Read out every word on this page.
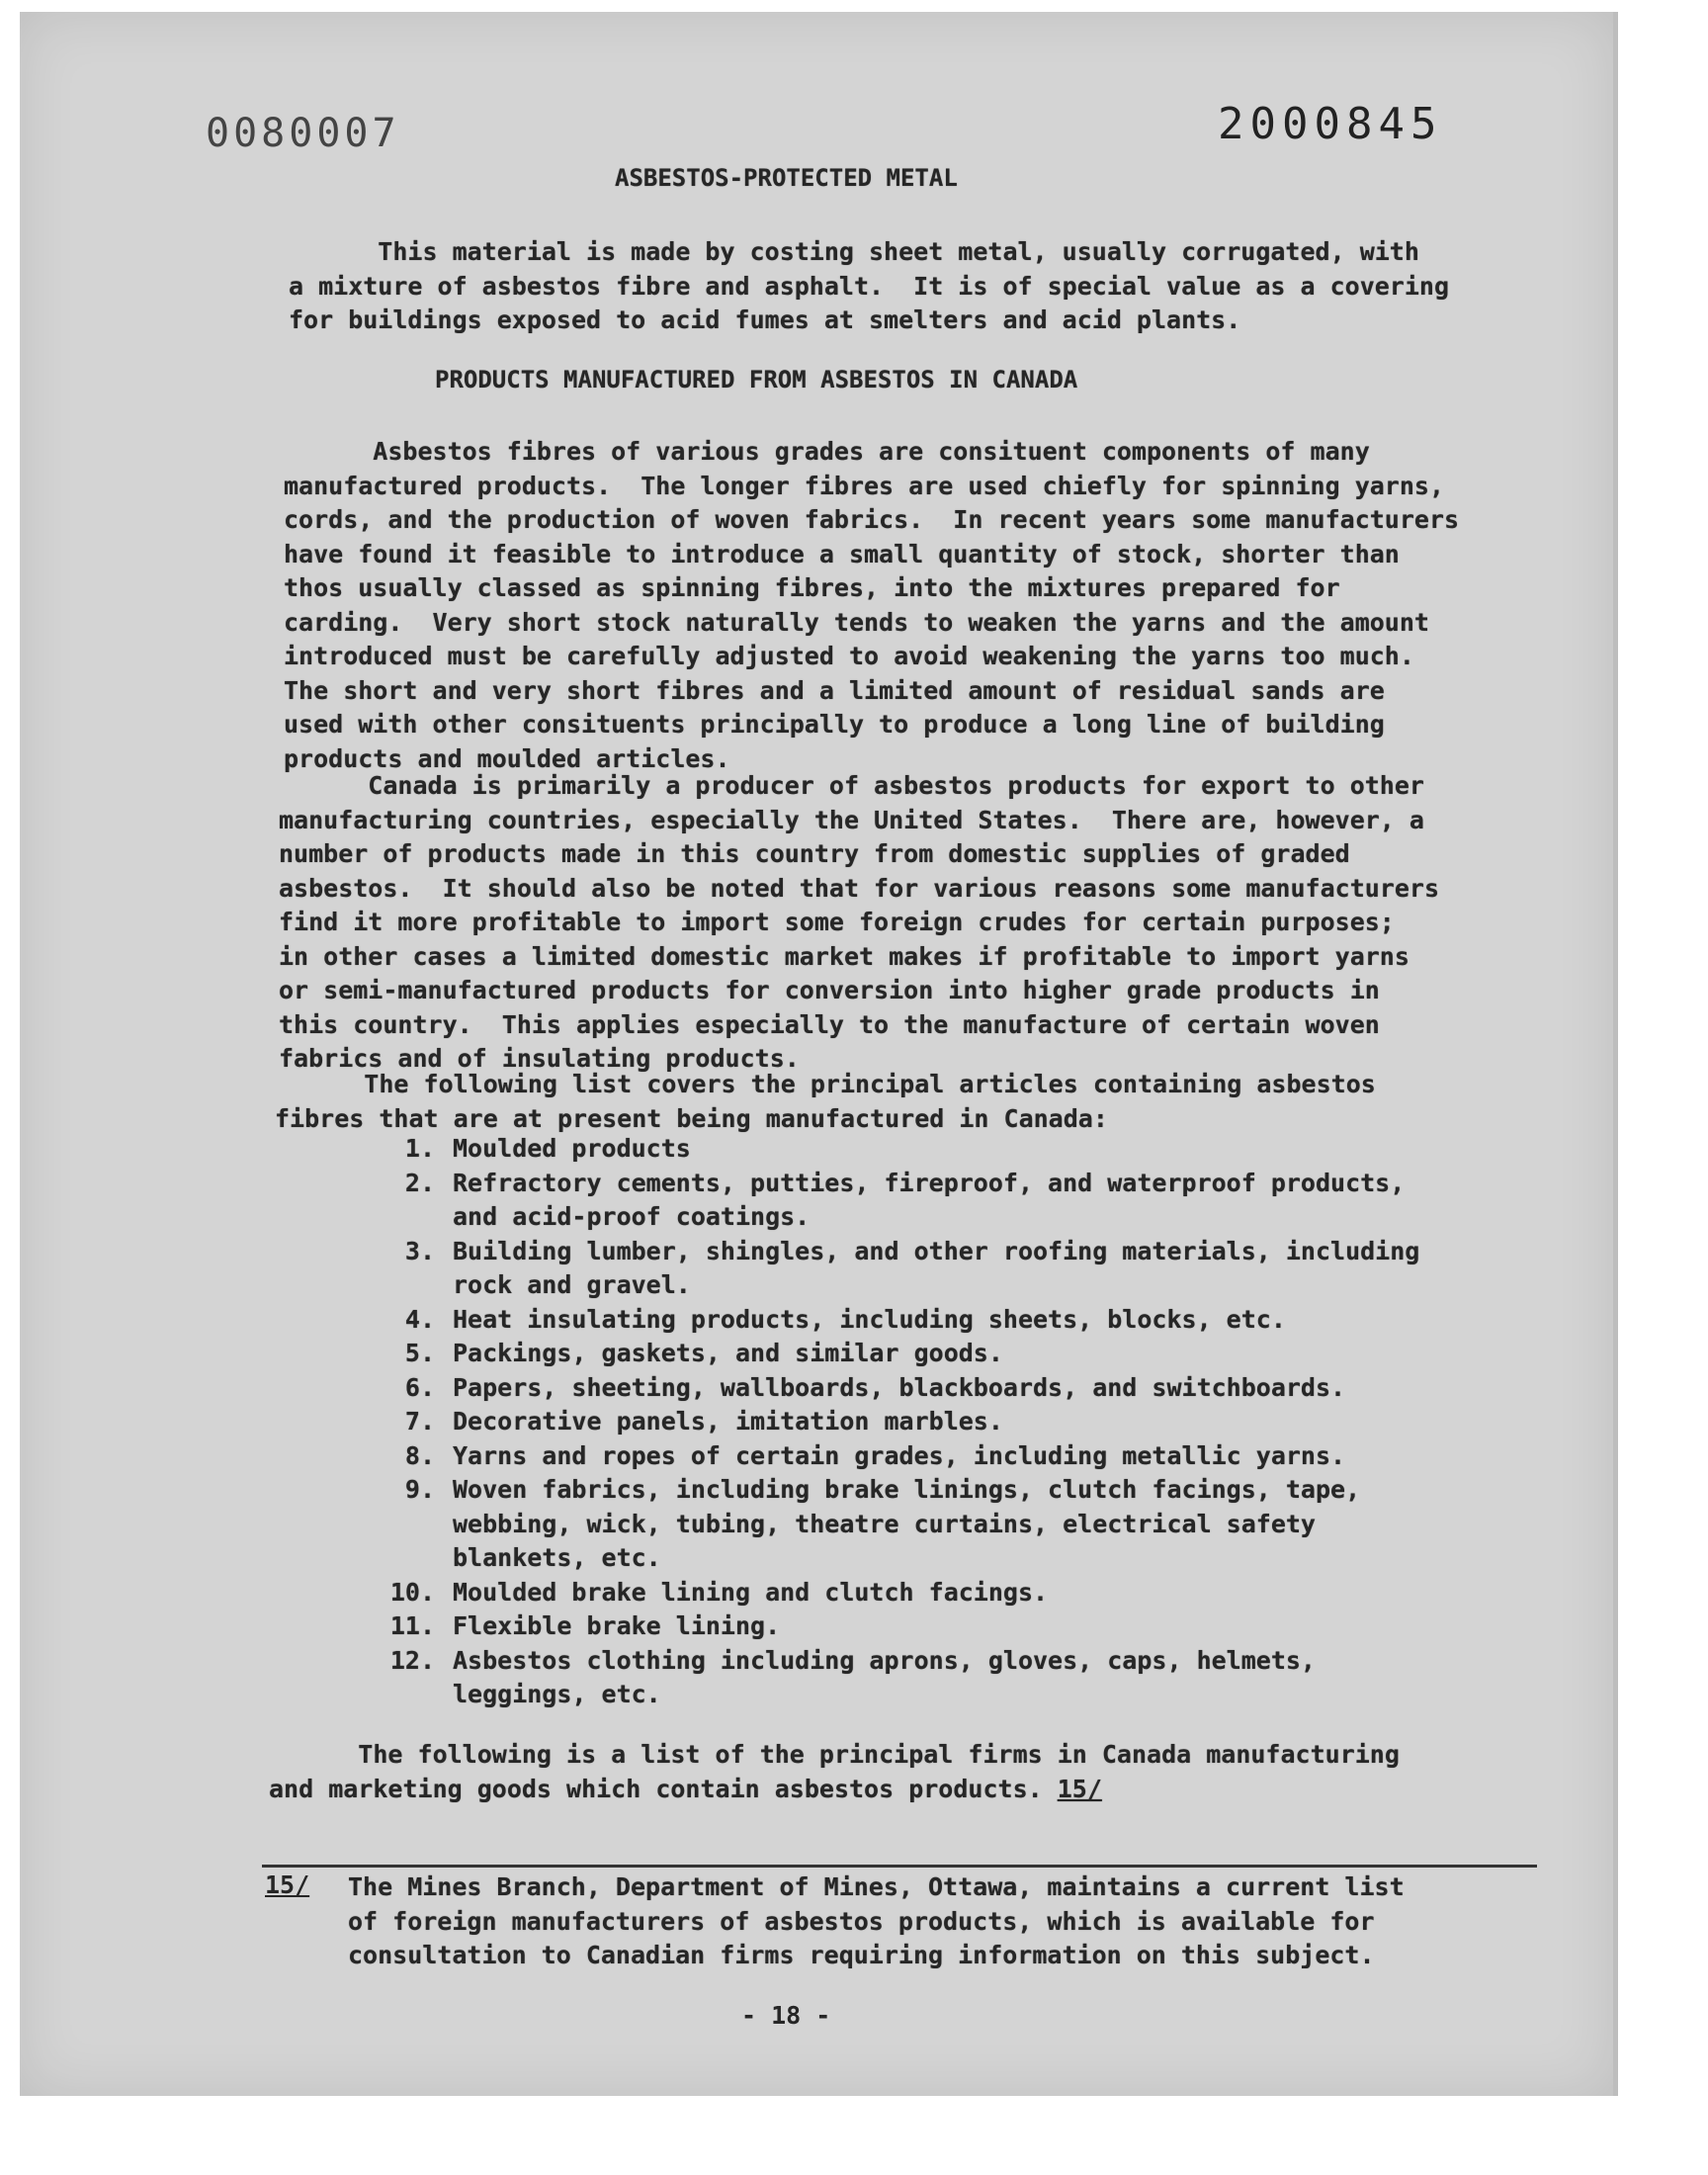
0080007	2000845
ASBESTOS-PROTECTED METAL
This material is made by costing sheet metal, usually corrugated, with
a mixture of asbestos fibre and asphalt.  It is of special value as a covering
for buildings exposed to acid fumes at smelters and acid plants.
PRODUCTS MANUFACTURED FROM ASBESTOS IN CANADA
Asbestos fibres of various grades are consituent components of many
manufactured products.  The longer fibres are used chiefly for spinning yarns,
cords, and the production of woven fabrics.  In recent years some manufacturers
have found it feasible to introduce a small quantity of stock, shorter than
thos usually classed as spinning fibres, into the mixtures prepared for
carding.  Very short stock naturally tends to weaken the yarns and the amount
introduced must be carefully adjusted to avoid weakening the yarns too much.
The short and very short fibres and a limited amount of residual sands are
used with other consituents principally to produce a long line of building
products and moulded articles.
Canada is primarily a producer of asbestos products for export to other
manufacturing countries, especially the United States.  There are, however, a
number of products made in this country from domestic supplies of graded
asbestos.  It should also be noted that for various reasons some manufacturers
find it more profitable to import some foreign crudes for certain purposes;
in other cases a limited domestic market makes if profitable to import yarns
or semi-manufactured products for conversion into higher grade products in
this country.  This applies especially to the manufacture of certain woven
fabrics and of insulating products.
The following list covers the principal articles containing asbestos
fibres that are at present being manufactured in Canada:
1. Moulded products
2. Refractory cements, putties, fireproof, and waterproof products,
and acid-proof coatings.
3. Building lumber, shingles, and other roofing materials, including
rock and gravel.
4. Heat insulating products, including sheets, blocks, etc.
5. Packings, gaskets, and similar goods.
6. Papers, sheeting, wallboards, blackboards, and switchboards.
7. Decorative panels, imitation marbles.
8. Yarns and ropes of certain grades, including metallic yarns.
9. Woven fabrics, including brake linings, clutch facings, tape,
webbing, wick, tubing, theatre curtains, electrical safety
blankets, etc.
10. Moulded brake lining and clutch facings.
11. Flexible brake lining.
12. Asbestos clothing including aprons, gloves, caps, helmets,
leggings, etc.
The following is a list of the principal firms in Canada manufacturing
and marketing goods which contain asbestos products. 15/
15/ The Mines Branch, Department of Mines, Ottawa, maintains a current list
of foreign manufacturers of asbestos products, which is available for
consultation to Canadian firms requiring information on this subject.
- 18 -
